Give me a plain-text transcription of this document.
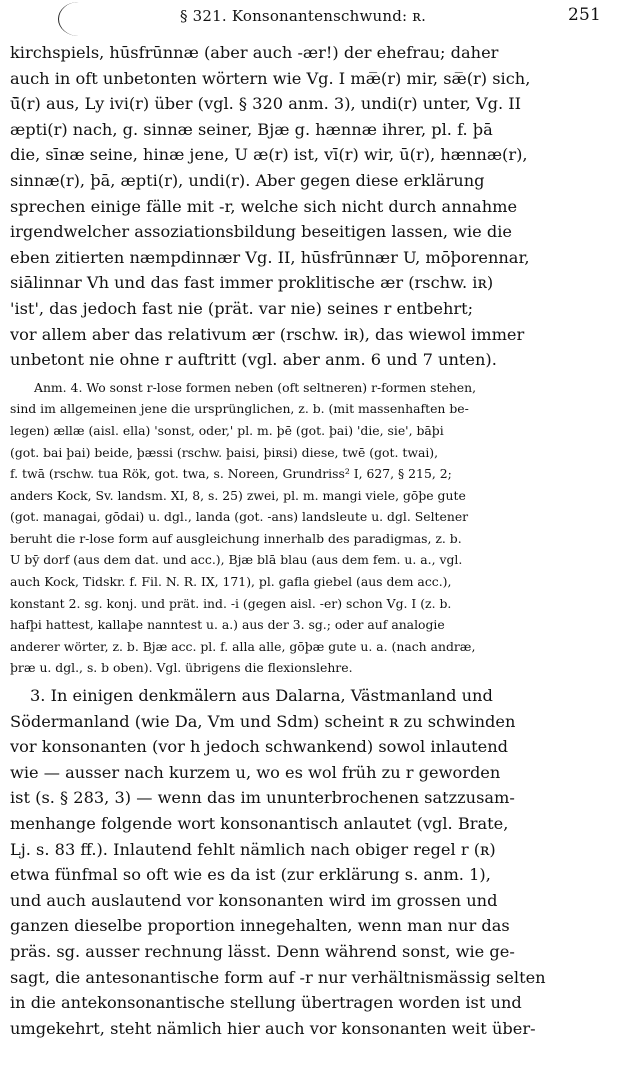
§ 321. Konsonantenschwund: ʀ.	251
kirchspiels, hūsfrūnnæ (aber auch -ær!) der ehefrau; daher
auch in oft unbetonten wörtern wie Vg. I mæ̅(r) mir, sæ̅(r) sich,
ū̄(r) aus, Ly ivi(r) über (vgl. § 320 anm. 3), undi(r) unter, Vg. II
æpti(r) nach, g. sinnæ seiner, Bjæ g. hænnæ ihrer, pl. f. þā
die, sīnæ seine, hinæ jene, U æ(r) ist, vī(r) wir, ū(r), hænnæ(r),
sinnæ(r), þā, æpti(r), undi(r). Aber gegen diese erklärung
sprechen einige fälle mit -r, welche sich nicht durch annahme
irgendwelcher assoziationsbildung beseitigen lassen, wie die
eben zitierten næmpdinnær Vg. II, hūsfrūnnær U, mōþorennar,
siālinnar Vh und das fast immer proklitische ær (rschw. iʀ)
'ist', das jedoch fast nie (prät. var nie) seines r entbehrt;
vor allem aber das relativum ær (rschw. iʀ), das wiewol immer
unbetont nie ohne r auftritt (vgl. aber anm. 6 und 7 unten).
Anm. 4. Wo sonst r-lose formen neben (oft seltneren) r-formen stehen,
sind im allgemeinen jene die ursprünglichen, z. b. (mit massenhaften be-
legen) ællæ (aisl. ella) 'sonst, oder,' pl. m. þē (got. þai) 'die, sie', bāþi
(got. bai þai) beide, þæssi (rschw. þaisi, þiʀsi) diese, twē (got. twai),
f. twā (rschw. tua Rök, got. twa, s. Noreen, Grundriss² I, 627, § 215, 2;
anders Kock, Sv. landsm. XI, 8, s. 25) zwei, pl. m. mangi viele, gōþe gute
(got. managai, gōdai) u. dgl., landa (got. -ans) landsleute u. dgl. Seltener
beruht die r-lose form auf ausgleichung innerhalb des paradigmas, z. b.
U bȳ dorf (aus dem dat. und acc.), Bjæ blā blau (aus dem fem. u. a., vgl.
auch Kock, Tidskr. f. Fil. N. R. IX, 171), pl. gafla giebel (aus dem acc.),
konstant 2. sg. konj. und prät. ind. -i (gegen aisl. -er) schon Vg. I (z. b.
hafþi hattest, kallaþe nanntest u. a.) aus der 3. sg.; oder auf analogie
anderer wörter, z. b. Bjæ acc. pl. f. alla alle, gōþæ gute u. a. (nach andræ,
þræ u. dgl., s. b oben). Vgl. übrigens die flexionslehre.
3. In einigen denkmälern aus Dalarna, Västmanland und
Södermanland (wie Da, Vm und Sdm) scheint ʀ zu schwinden
vor konsonanten (vor h jedoch schwankend) sowol inlautend
wie — ausser nach kurzem u, wo es wol früh zu r geworden
ist (s. § 283, 3) — wenn das im ununterbrochenen satzzusam-
menhange folgende wort konsonantisch anlautet (vgl. Brate,
Lj. s. 83 ff.). Inlautend fehlt nämlich nach obiger regel r (ʀ)
etwa fünfmal so oft wie es da ist (zur erklärung s. anm. 1),
und auch auslautend vor konsonanten wird im grossen und
ganzen dieselbe proportion innegehalten, wenn man nur das
präs. sg. ausser rechnung lässt. Denn während sonst, wie ge-
sagt, die antesonantische form auf -r nur verhältnismässig selten
in die antekonsonantische stellung übertragen worden ist und
umgekehrt, steht nämlich hier auch vor konsonanten weit über-
